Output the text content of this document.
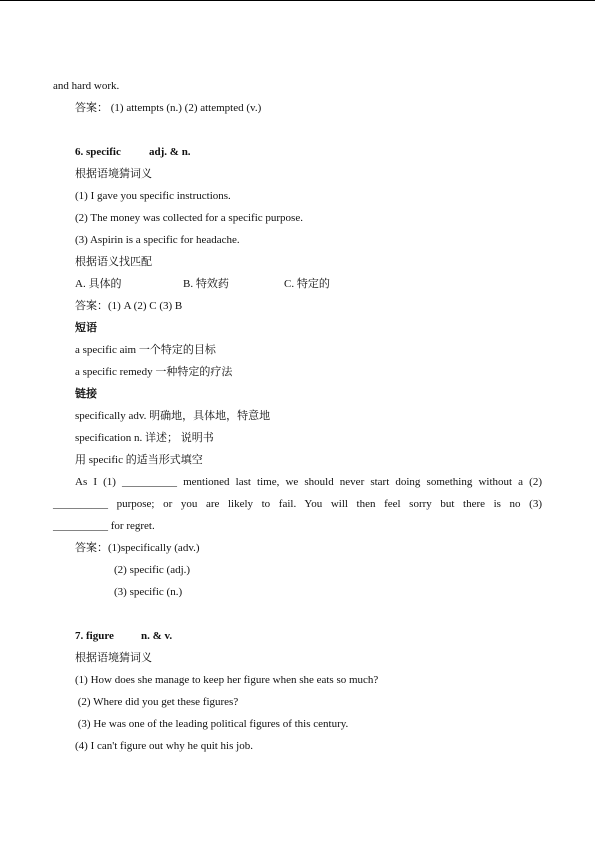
and hard work.
答案： (1) attempts (n.) (2) attempted (v.)
6. specific	adj. & n.
根据语境猜词义
(1) I gave you specific instructions.
(2) The money was collected for a specific purpose.
(3) Aspirin is a specific for headache.
根据语义找匹配
A. 具体的	B. 特效药	C. 特定的
答案：(1) A (2) C (3) B
短语
a specific aim 一个特定的目标
a specific remedy 一种特定的疗法
链接
specifically adv. 明确地，具体地，特意地
specification n. 详述； 说明书
用 specific 的适当形式填空
As I (1) __________ mentioned last time, we should never start doing something without a (2)
__________ purpose; or you are likely to fail. You will then feel sorry but there is no (3)
__________ for regret.
答案：(1)specifically (adv.)
(2) specific (adj.)
(3) specific (n.)
7. figure n. & v.
根据语境猜词义
(1) How does she manage to keep her figure when she eats so much?
(2) Where did you get these figures?
(3) He was one of the leading political figures of this century.
(4) I can't figure out why he quit his job.
